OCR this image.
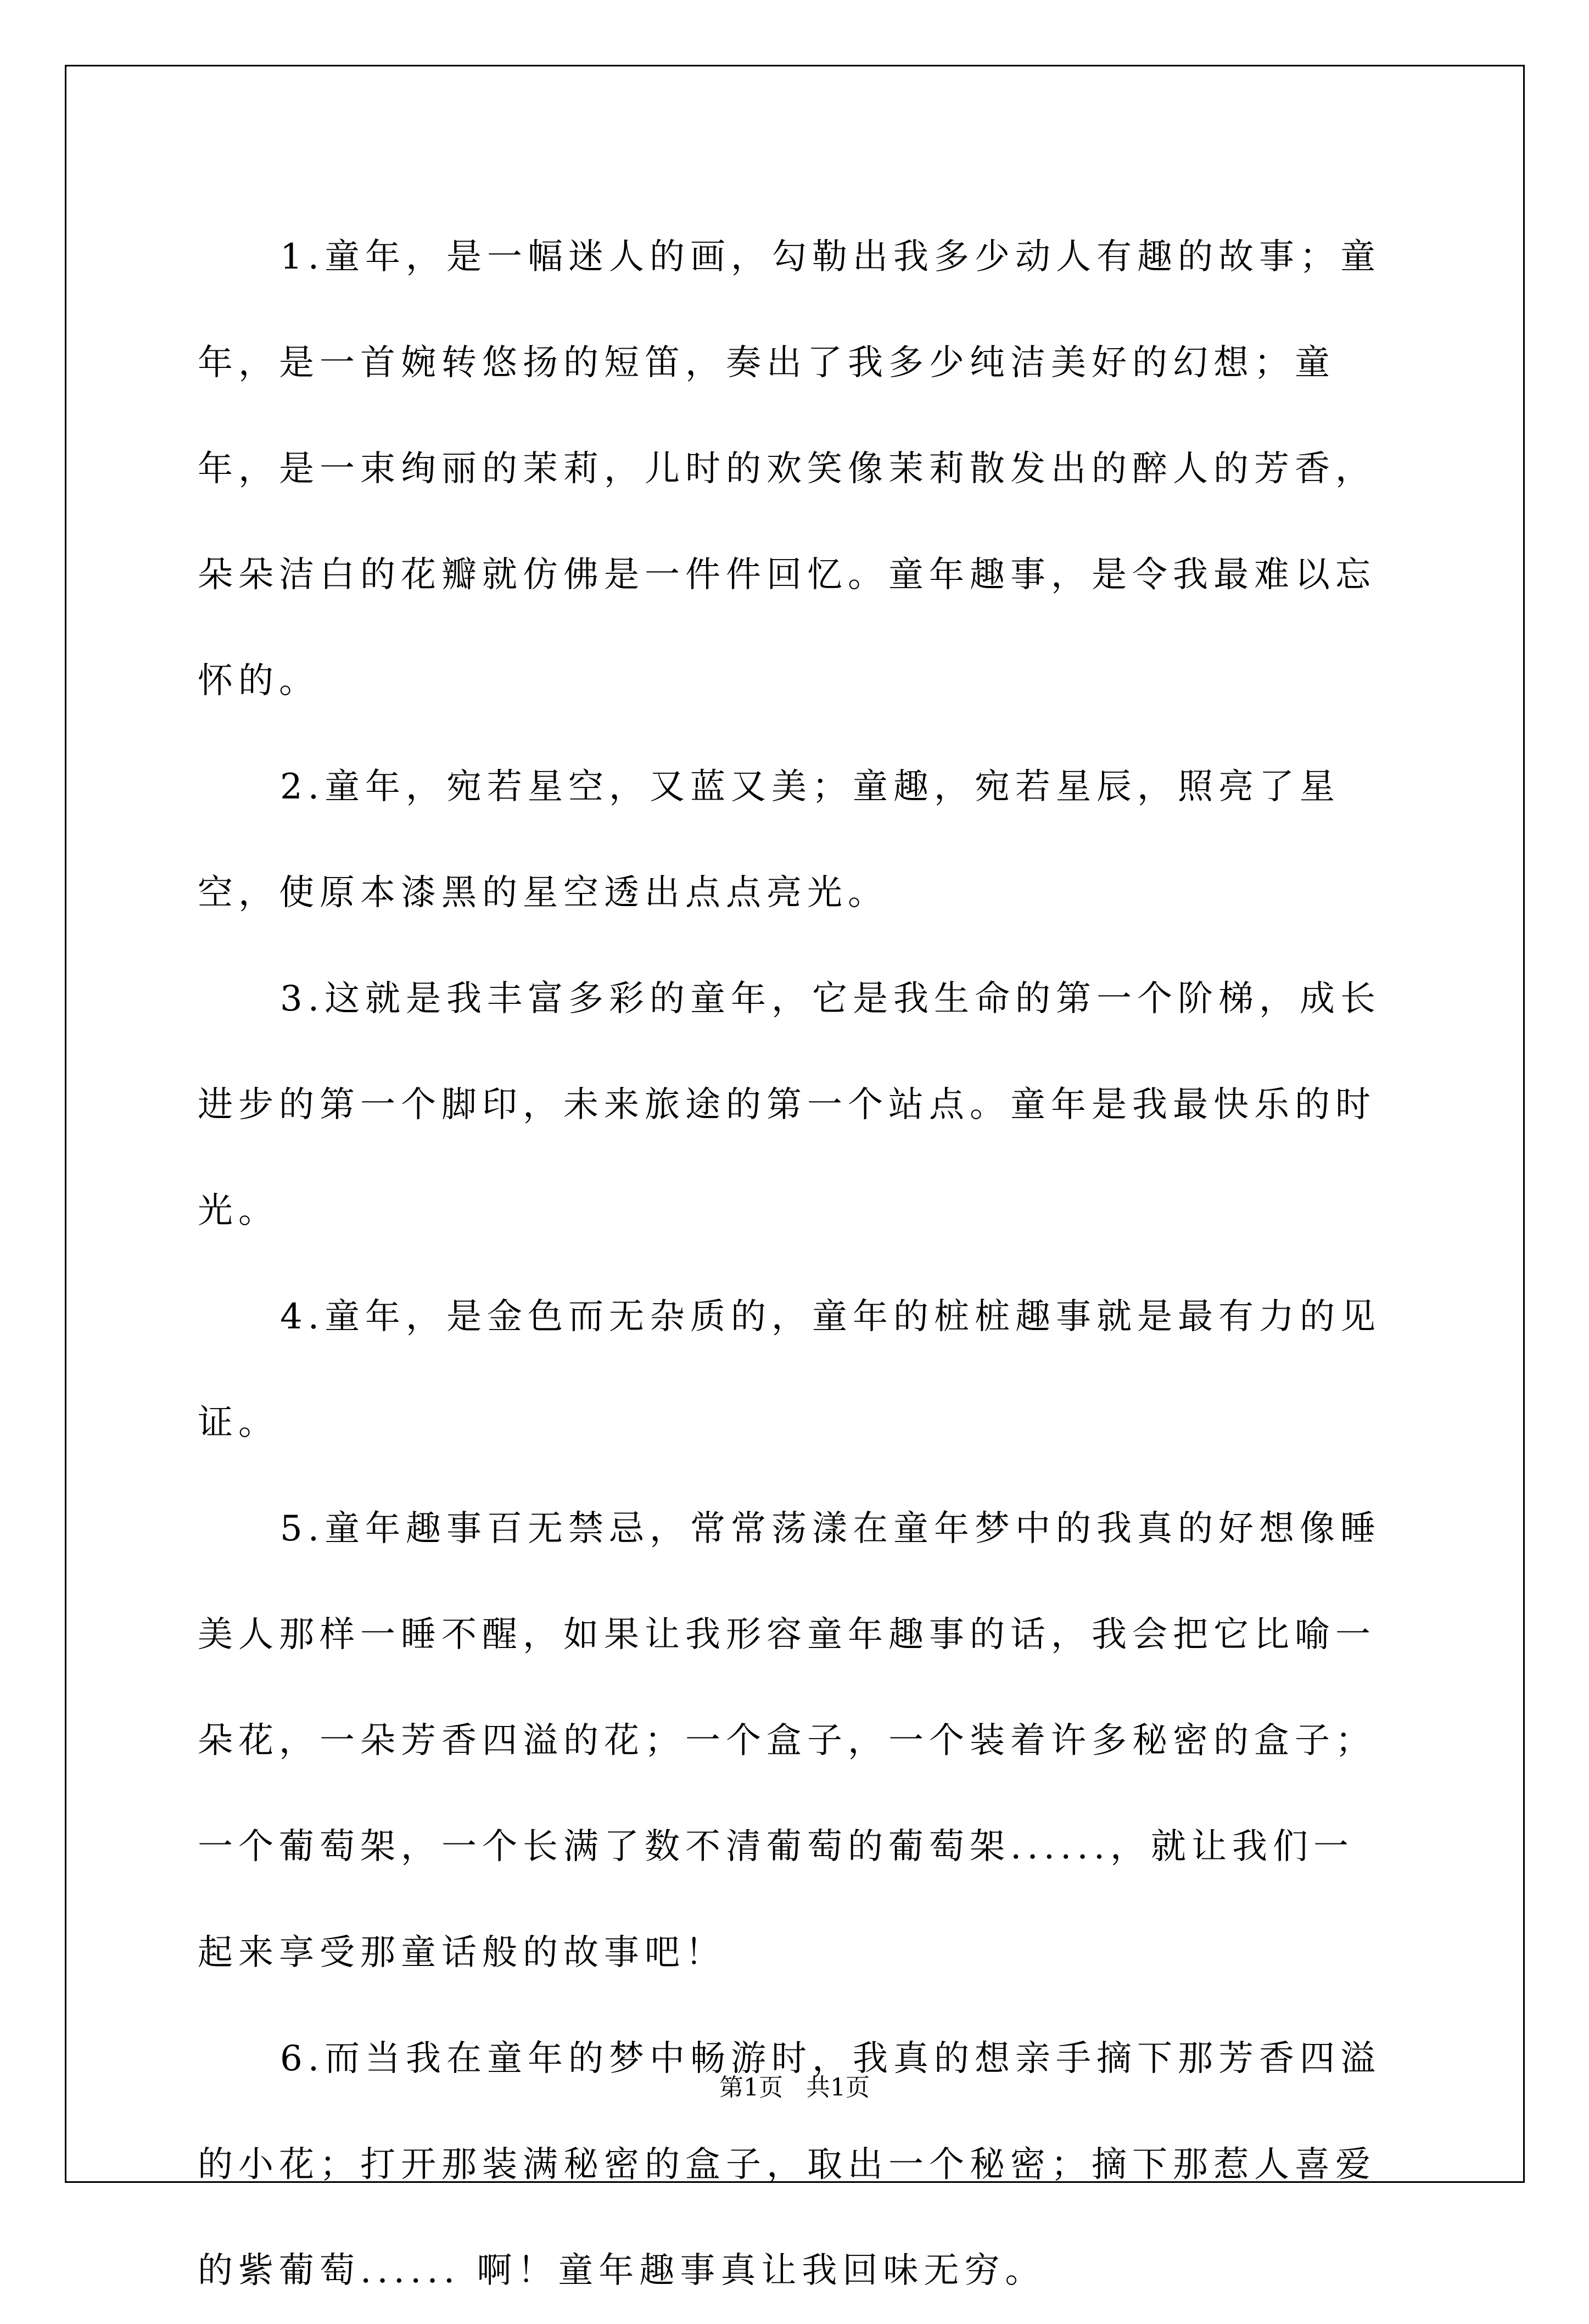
1.童年，是一幅迷人的画，勾勒出我多少动人有趣的故事；童年，是一首婉转悠扬的短笛，奏出了我多少纯洁美好的幻想；童年，是一束绚丽的茉莉，儿时的欢笑像茉莉散发出的醉人的芳香，朵朵洁白的花瓣就仿佛是一件件回忆。童年趣事，是令我最难以忘怀的。

2.童年，宛若星空，又蓝又美；童趣，宛若星辰，照亮了星空，使原本漆黑的星空透出点点亮光。

3.这就是我丰富多彩的童年，它是我生命的第一个阶梯，成长进步的第一个脚印，未来旅途的第一个站点。童年是我最快乐的时光。

4.童年，是金色而无杂质的，童年的桩桩趣事就是最有力的见证。

5.童年趣事百无禁忌，常常荡漾在童年梦中的我真的好想像睡美人那样一睡不醒，如果让我形容童年趣事的话，我会把它比喻一朵花，一朵芳香四溢的花；一个盒子，一个装着许多秘密的盒子；一个葡萄架，一个长满了数不清葡萄的葡萄架......，就让我们一起来享受那童话般的故事吧！

6.而当我在童年的梦中畅游时，我真的想亲手摘下那芳香四溢的小花；打开那装满秘密的盒子，取出一个秘密；摘下那惹人喜爱的紫葡萄...... 啊！童年趣事真让我回味无穷。

第1页 共1页
